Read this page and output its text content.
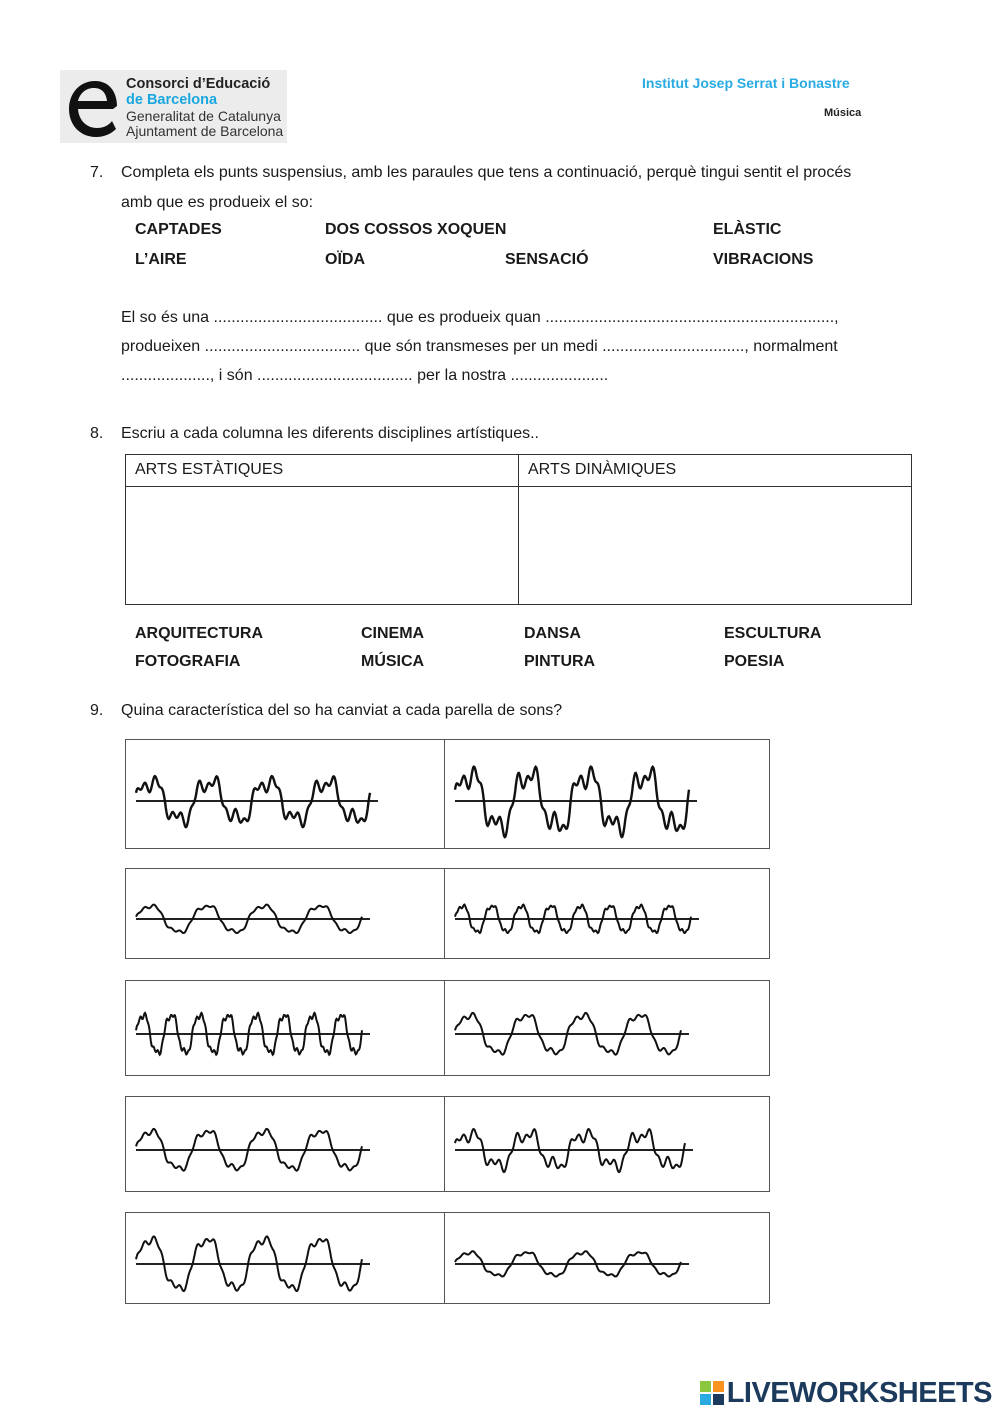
Consorci d’Educació
de Barcelona
Generalitat de Catalunya
Ajuntament de Barcelona
Institut Josep Serrat i Bonastre
Música
7. Completa els punts suspensius, amb les paraules que tens a continuació, perquè tingui sentit el procés
amb que es produeix el so:
CAPTADES	DOS COSSOS XOQUEN	ELÀSTIC
L’AIRE	OÏDA	SENSACIÓ	VIBRACIONS
El so és una ...................................... que es produeix quan .................................................................,
produeixen ................................... que són transmeses per un medi ................................, normalment
...................., i són ................................... per la nostra ......................
8. Escriu a cada columna les diferents disciplines artístiques..
ARTS ESTÀTIQUES	ARTS DINÀMIQUES

ARQUITECTURA	CINEMA	DANSA	ESCULTURA
FOTOGRAFIA	MÚSICA	PINTURA	POESIA
9. Quina característica del so ha canviat a cada parella de sons?
LIVEWORKSHEETS
